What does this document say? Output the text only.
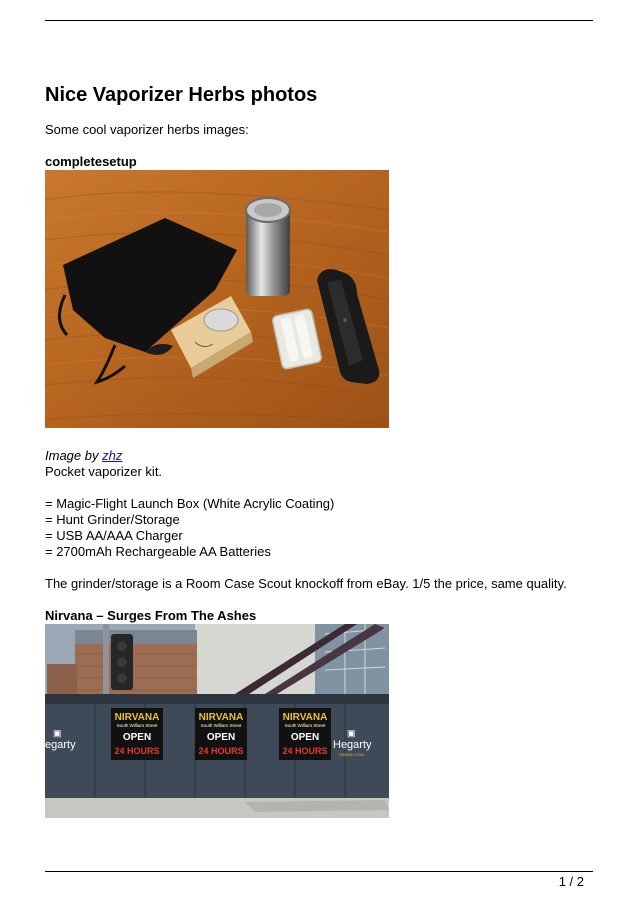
Nice Vaporizer Herbs photos

Some cool vaporizer herbs images:

completesetup

Image by zhz

Pocket vaporizer kit.

= Magic-Flight Launch Box (White Acrylic Coating)
= Hunt Grinder/Storage
= USB AA/AAA Charger
= 2700mAh Rechargeable AA Batteries

The grinder/storage is a Room Case Scout knockoff from eBay. 1/5 the price, same quality.

Nirvana – Surges From The Ashes
▣
egarty
▣
Hegarty
DEMOLITION
NIRVANA
South William Street
OPEN
24 HOURS
NIRVANA
South William Street
OPEN
24 HOURS
NIRVANA
South William Street
OPEN
24 HOURS
1 / 2
